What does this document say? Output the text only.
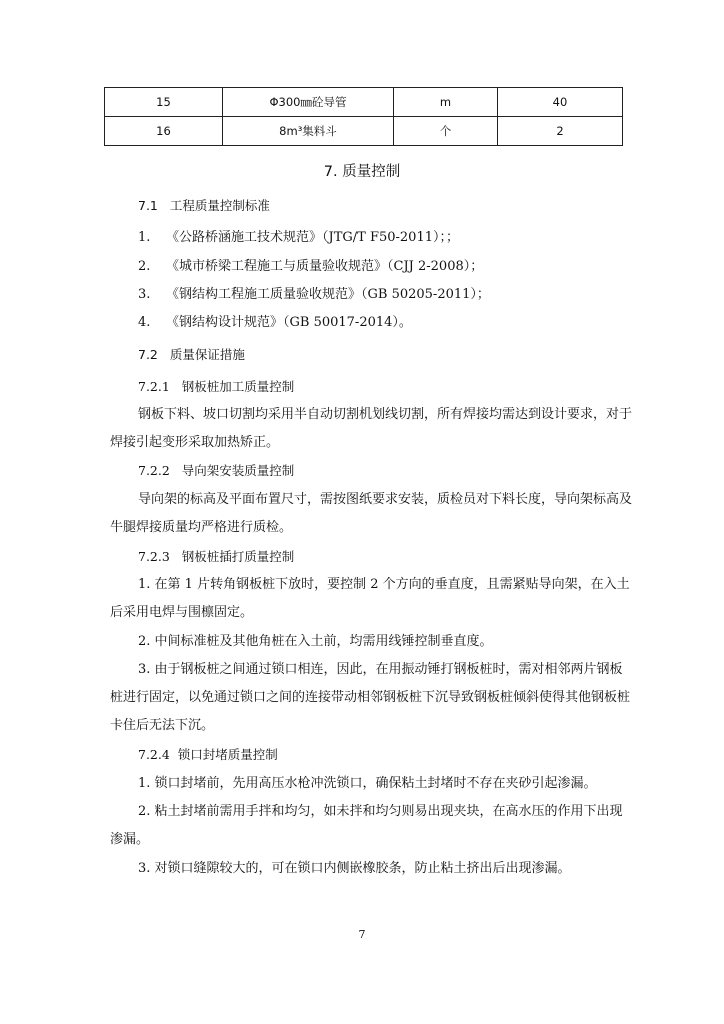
15	Φ300㎜砼导管	m	40
16	8m³集料斗	个	2
7. 质量控制
7.1 工程质量控制标准
1. 《公路桥涵施工技术规范》（JTG/T F50-2011）；；
2. 《城市桥梁工程施工与质量验收规范》（CJJ 2-2008）；
3. 《钢结构工程施工质量验收规范》（GB 50205-2011）；
4. 《钢结构设计规范》（GB 50017-2014）。
7.2 质量保证措施
7.2.1 钢板桩加工质量控制
钢板下料、坡口切割均采用半自动切割机划线切割，所有焊接均需达到设计要求，对于
焊接引起变形采取加热矫正。
7.2.2 导向架安装质量控制
导向架的标高及平面布置尺寸，需按图纸要求安装，质检员对下料长度，导向架标高及
牛腿焊接质量均严格进行质检。
7.2.3 钢板桩插打质量控制
1. 在第 1 片转角钢板桩下放时，要控制 2 个方向的垂直度，且需紧贴导向架，在入土
后采用电焊与围檩固定。
2. 中间标准桩及其他角桩在入土前，均需用线锤控制垂直度。
3. 由于钢板桩之间通过锁口相连，因此，在用振动锤打钢板桩时，需对相邻两片钢板
桩进行固定，以免通过锁口之间的连接带动相邻钢板桩下沉导致钢板桩倾斜使得其他钢板桩
卡住后无法下沉。
7.2.4 锁口封堵质量控制
1. 锁口封堵前，先用高压水枪冲洗锁口，确保粘土封堵时不存在夹砂引起渗漏。
2. 粘土封堵前需用手拌和均匀，如未拌和均匀则易出现夹块，在高水压的作用下出现
渗漏。
3. 对锁口缝隙较大的，可在锁口内侧嵌橡胶条，防止粘土挤出后出现渗漏。
7
